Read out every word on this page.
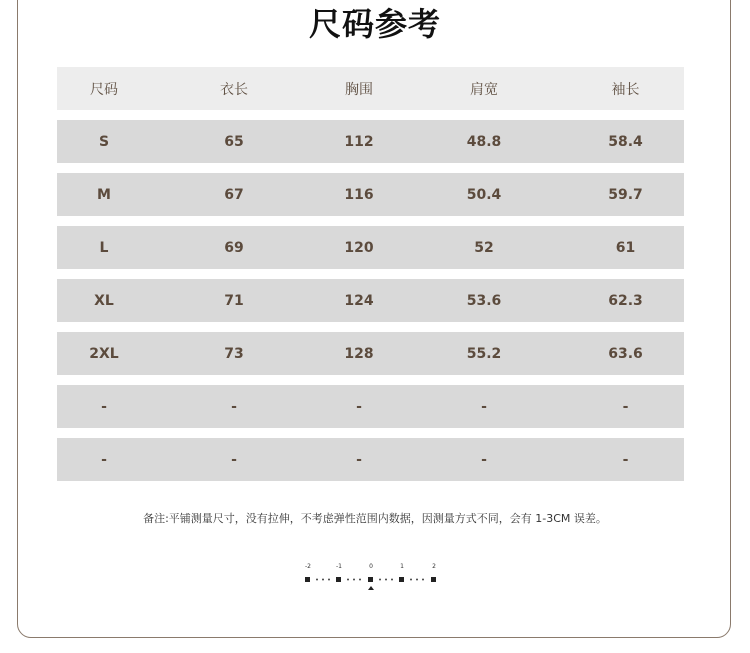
尺码参考
尺码	衣长	胸围	肩宽	袖长
S	65	112	48.8	58.4
M	67	116	50.4	59.7
L	69	120	52	61
XL	71	124	53.6	62.3
2XL	73	128	55.2	63.6
-	-	-	-	-
-	-	-	-	-
备注:平铺测量尺寸，没有拉伸，不考虑弹性范围内数据，因测量方式不同，会有 1-3CM 误差。
-2	-1	0	1	2
